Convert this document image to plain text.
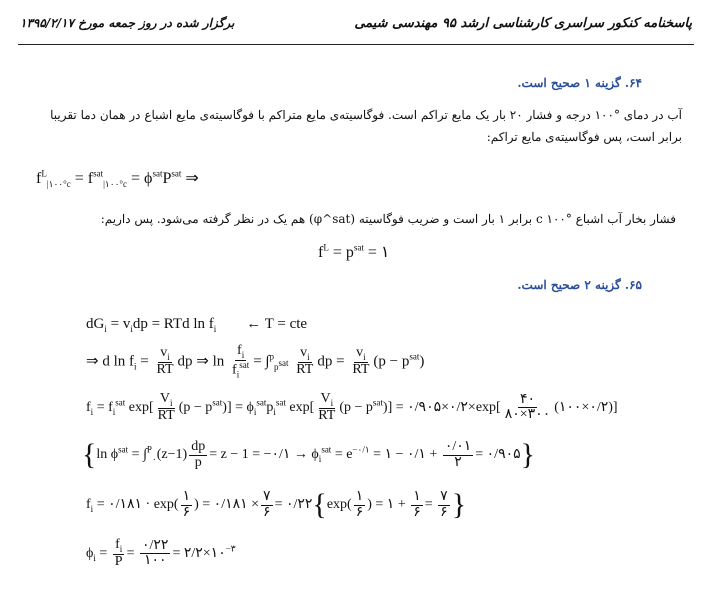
پاسخنامه کنکور سراسری کارشناسی ارشد ۹۵ مهندسی شیمی
برگزار شده در روز جمعه مورخ ۱۳۹۵/۲/۱۷
۶۴. گزینه ۱ صحیح است.
آب در دمای °۱۰۰ درجه و فشار ۲۰ بار یک مایع تراکم است. فوگاسیته‌ی مایع متراکم با فوگاسیته‌ی مایع اشباع در همان دما تقریبا
برابر است، پس فوگاسیته‌ی مایع تراکم:
$f^L_{|۱۰۰^\circ c} = f^{sat}_{|۱۰۰^\circ c} = \phi^{sat}P^{sat}$ ⇒
فشار بخار آب اشباع °c ۱۰۰ برابر ۱ بار است و ضریب فوگاسیته (φ^sat) هم یک در نظر گرفته می‌شود. پس داریم:
$f^L = p^{sat}$ = ۱
۶۵. گزینه ۲ صحیح است.
$dG_i = v_idp$ = RTd $\ln f_i$        ← T = cte
⇒ d $\ln f_i = \frac{v_i}{RT}$ dp ⇒ $\ln \frac{f_i}{f_i^{sat}} = \int^p_{p^{sat}} \frac{v_i}{RT}$ dp = $\frac{v_i}{RT} (p - p^{sat})$
$f_i = f_i^{sat}$ $\exp[ \frac{V_i}{RT} (p - p^{sat})] = \phi_i^{sat}p_i^{sat}$ $\exp[ \frac{V_i}{RT} (p - p^{sat})]$ = ۰/۹۰۵×۰/۲×exp[ $\frac{۴۰}{۸۰\times ۳۰۰}$ (۱۰۰×۰/۲)]
{ln $\phi^{sat} = \int^P_۰(z-1) \frac{dp}{p} = z - 1$ = −۰/۱ → $\phi_i^{sat} = e^{-۰/۱}$ = ۱ − ۰/۱ + $\frac{۰/۰۱}{۲}$ = ۰/۹۰۵}
$f_i$ = ۰/۱۸۱ · $\exp( \frac{۱}{۶}$ ) = ۰/۱۸۱ × $\frac{۷}{۶}$ = ۰/۲۲{exp( $\frac{۱}{۶}$ ) = ۱ + $\frac{۱}{۶} = \frac{۷}{۶}$ }
$\phi_i = \frac{f_i}{P} = \frac{۰/۲۲}{۱۰۰}$ = $۲/۲\times ۱۰^{-۳}$
